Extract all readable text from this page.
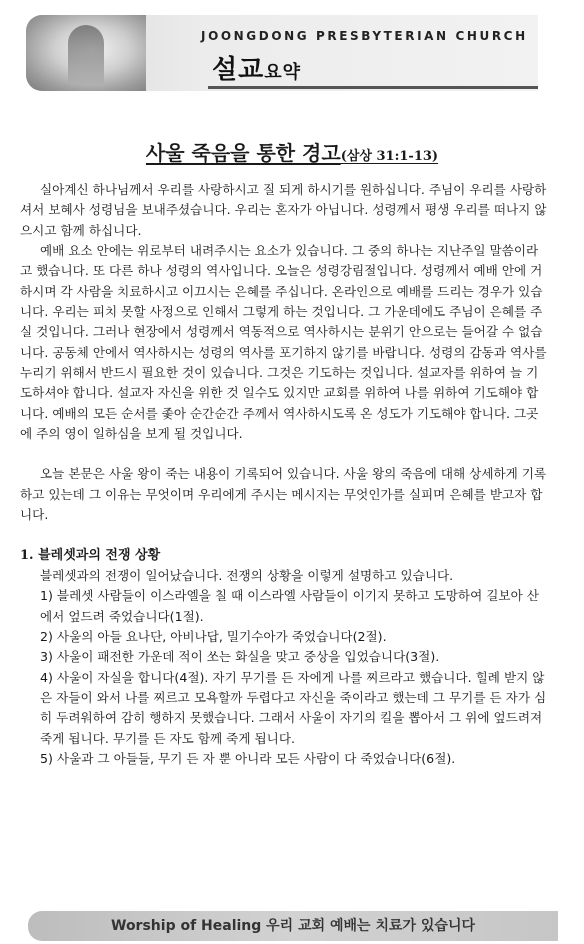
JOONGDONG PRESBYTERIAN CHURCH
설교요약
사울 죽음을 통한 경고(삼상 31:1-13)

실아계신 하나님께서 우리를 사랑하시고 질 되게 하시기를 원하십니다. 주님이 우리를 사랑하셔서 보혜사 성령님을 보내주셨습니다. 우리는 혼자가 아닙니다. 성령께서 평생 우리를 떠나지 않으시고 함께 하십니다.

예배 요소 안에는 위로부터 내려주시는 요소가 있습니다. 그 중의 하나는 지난주일 말씀이라고 했습니다. 또 다른 하나 성령의 역사입니다. 오늘은 성령강림절입니다. 성령께서 예배 안에 거하시며 각 사람을 치료하시고 이끄시는 은혜를 주십니다. 온라인으로 예배를 드리는 경우가 있습니다. 우리는 피치 못할 사정으로 인해서 그렇게 하는 것입니다. 그 가운데에도 주님이 은혜를 주실 것입니다. 그러나 현장에서 성령께서 역동적으로 역사하시는 분위기 안으로는 들어갈 수 없습니다. 공동체 안에서 역사하시는 성령의 역사를 포기하지 않기를 바랍니다. 성령의 감동과 역사를 누리기 위해서 반드시 필요한 것이 있습니다. 그것은 기도하는 것입니다. 설교자를 위하여 늘 기도하셔야 합니다. 설교자 자신을 위한 것 일수도 있지만 교회를 위하여 나를 위하여 기도해야 합니다. 예배의 모든 순서를 좇아 순간순간 주께서 역사하시도록 온 성도가 기도해야 합니다. 그곳에 주의 영이 일하심을 보게 될 것입니다.

오늘 본문은 사울 왕이 죽는 내용이 기록되어 있습니다. 사울 왕의 죽음에 대해 상세하게 기록하고 있는데 그 이유는 무엇이며 우리에게 주시는 메시지는 무엇인가를 실피며 은혜를 받고자 합니다.

1. 블레셋과의 전쟁 상황

블레셋과의 전쟁이 일어났습니다. 전쟁의 상황을 이렇게 설명하고 있습니다.

1) 블레셋 사람들이 이스라엘을 칠 때 이스라엘 사람들이 이기지 못하고 도망하여 길보아 산에서 엎드려 죽었습니다(1절).

2) 사울의 아들 요나단, 아비나답, 밀기수아가 죽었습니다(2절).

3) 사울이 패전한 가운데 적이 쏘는 화실을 맞고 중상을 입었습니다(3절).

4) 사울이 자실을 합니다(4절). 자기 무기를 든 자에게 나를 찌르라고 했습니다. 힐례 받지 않은 자들이 와서 나를 찌르고 모욕할까 두렵다고 자신을 죽이라고 했는데 그 무기를 든 자가 심히 두려워하여 감히 행하지 못했습니다. 그래서 사울이 자기의 킬을 뽑아서 그 위에 엎드려져 죽게 됩니다. 무기를 든 자도 함께 죽게 됩니다.

5) 사울과 그 아들들, 무기 든 자 뿐 아니라 모든 사람이 다 죽었습니다(6절).

Worship of Healing 우리 교회 예배는 치료가 있습니다
